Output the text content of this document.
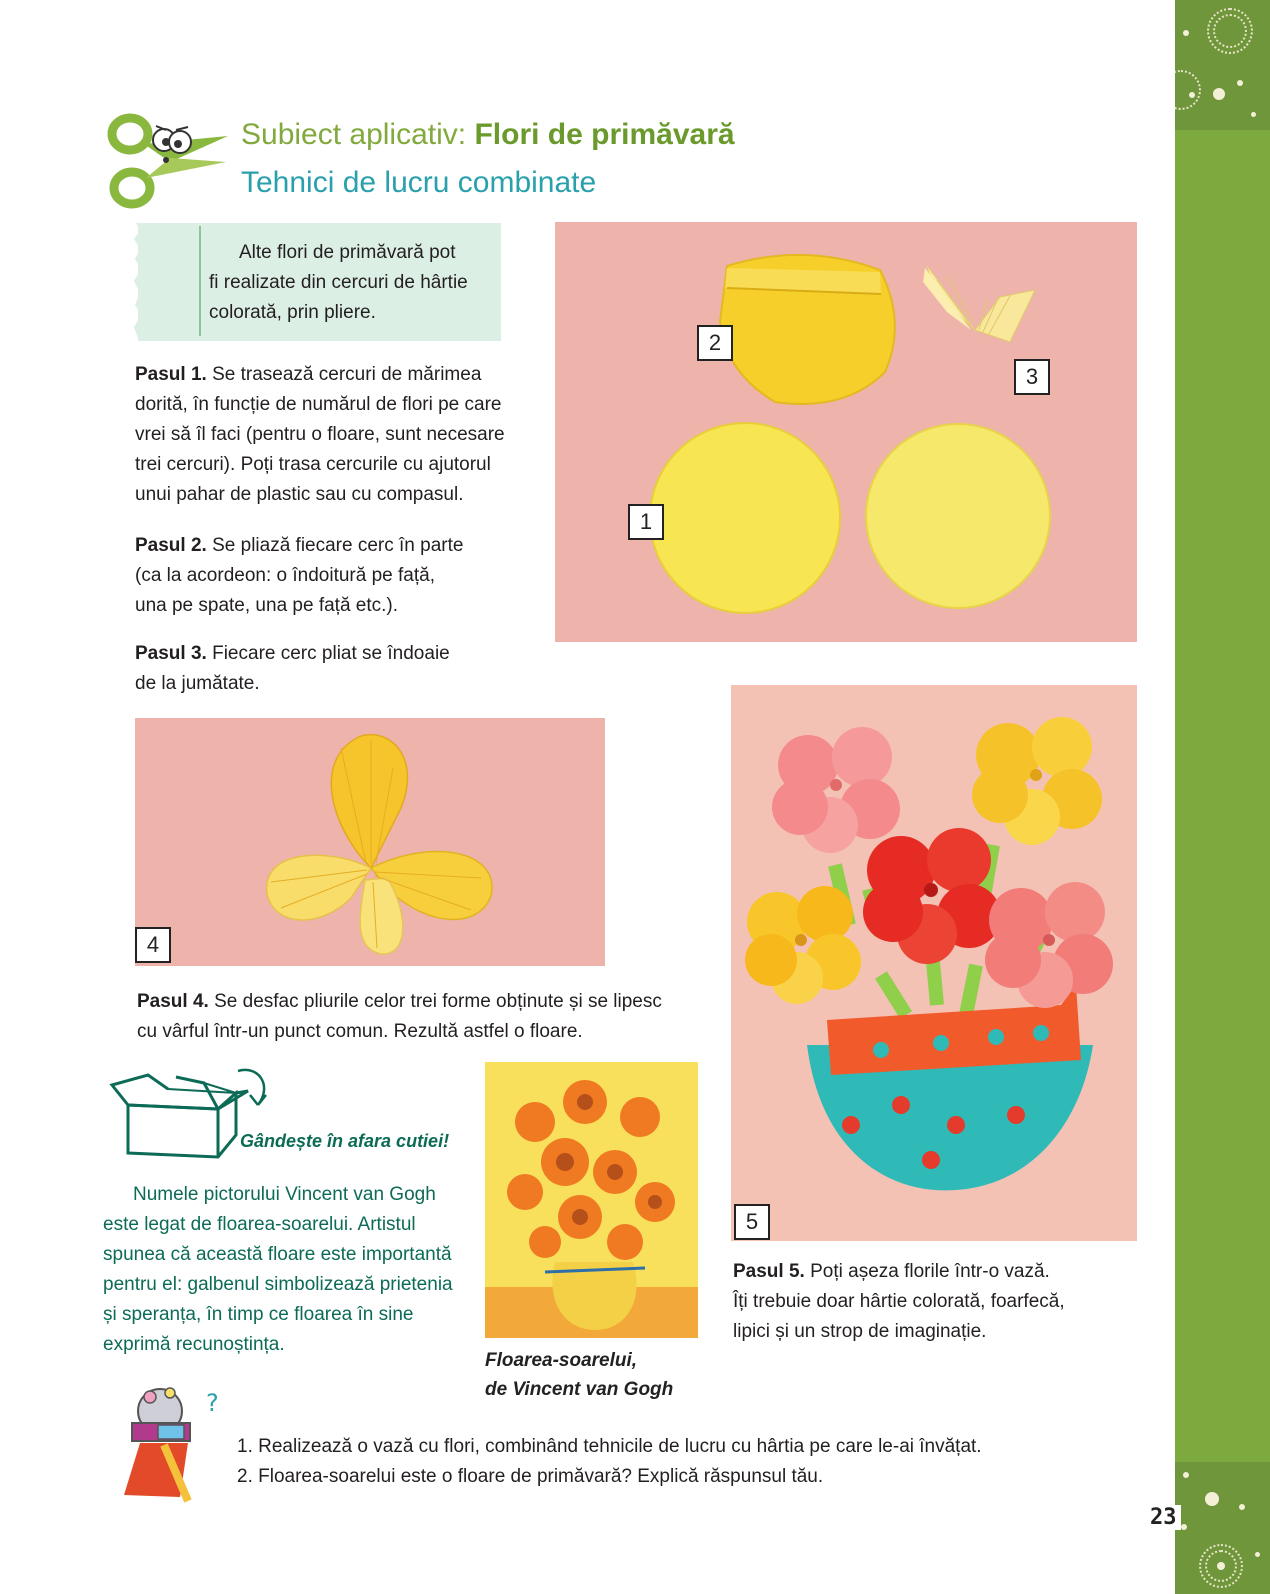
23
Subiect aplicativ: Flori de primăvară
Tehnici de lucru combinate
Alte flori de primăvară pot
fi realizate din cercuri de hârtie
colorată, prin pliere.
Pasul 1. Se trasează cercuri de mărimea
dorită, în funcție de numărul de flori pe care
vrei să îl faci (pentru o floare, sunt necesare
trei cercuri). Poți trasa cercurile cu ajutorul
unui pahar de plastic sau cu compasul.
Pasul 2. Se pliază fiecare cerc în parte
(ca la acordeon: o îndoitură pe față,
una pe spate, una pe față etc.).
Pasul 3. Fiecare cerc pliat se îndoaie
de la jumătate.
2
3
1
4
Pasul 4. Se desfac pliurile celor trei forme obținute și se lipesc
cu vârful într-un punct comun. Rezultă astfel o floare.
5
Pasul 5. Poți așeza florile într-o vază.
Îți trebuie doar hârtie colorată, foarfecă,
lipici și un strop de imaginație.
Gândește în afara cutiei!
Numele pictorului Vincent van Gogh
este legat de floarea-soarelui. Artistul
spunea că această floare este importantă
pentru el: galbenul simbolizează prietenia
și speranța, în timp ce floarea în sine
exprimă recunoștința.
Floarea-soarelui,
de Vincent van Gogh
?
1. Realizează o vază cu flori, combinând tehnicile de lucru cu hârtia pe care le-ai învățat.
2. Floarea-soarelui este o floare de primăvară? Explică răspunsul tău.
